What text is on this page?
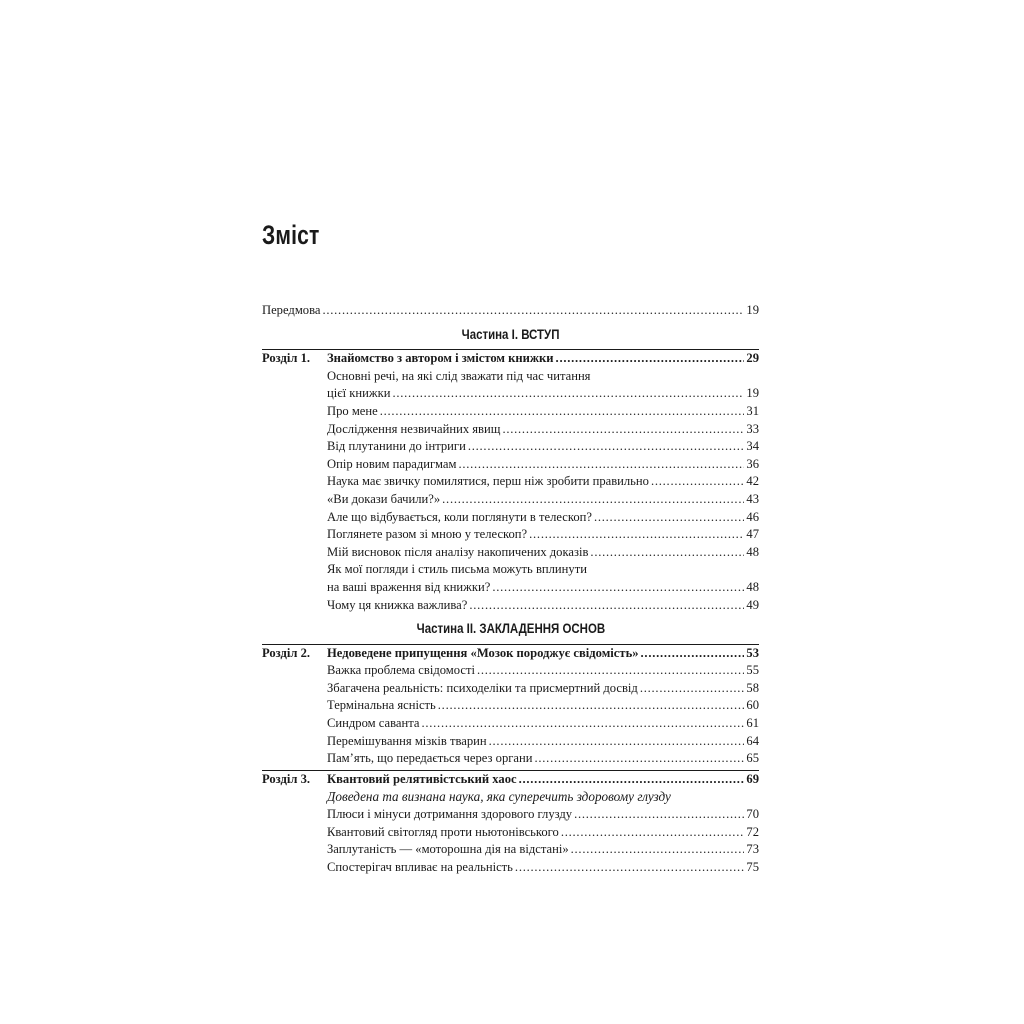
Зміст
Передмова . . .	19
Частина I. ВСТУП
Розділ 1.	Знайомство з автором і змістом книжки . . .	29
Основні речі, на які слід зважати під час читання
цієї книжки . . .	19
Про мене . . .	31
Дослідження незвичайних явищ . . .	33
Від плутанини до інтриги . . .	34
Опір новим парадигмам . . .	36
Наука має звичку помилятися, перш ніж зробити правильно . . .	42
«Ви докази бачили?» . . .	43
Але що відбувається, коли поглянути в телескоп? . . .	46
Поглянете разом зі мною у телескоп? . . .	47
Мій висновок після аналізу накопичених доказів . . .	48
Як мої погляди і стиль письма можуть вплинути
на ваші враження від книжки? . . .	48
Чому ця книжка важлива? . . .	49
Частина II. ЗАКЛАДЕННЯ ОСНОВ
Розділ 2.	Недоведене припущення «Мозок породжує свідомість» . . .	53
Важка проблема свідомості . . .	55
Збагачена реальність: психоделіки та присмертний досвід . . .	58
Термінальна ясність . . .	60
Синдром саванта . . .	61
Перемішування мізків тварин . . .	64
Пам’ять, що передається через органи . . .	65
Розділ 3.	Квантовий релятивістський хаос . . .	69
Доведена та визнана наука, яка суперечить здоровому глузду
Плюси і мінуси дотримання здорового глузду . . .	70
Квантовий світогляд проти ньютонівського . . .	72
Заплутаність — «моторошна дія на відстані» . . .	73
Спостерігач впливає на реальність . . .	75
